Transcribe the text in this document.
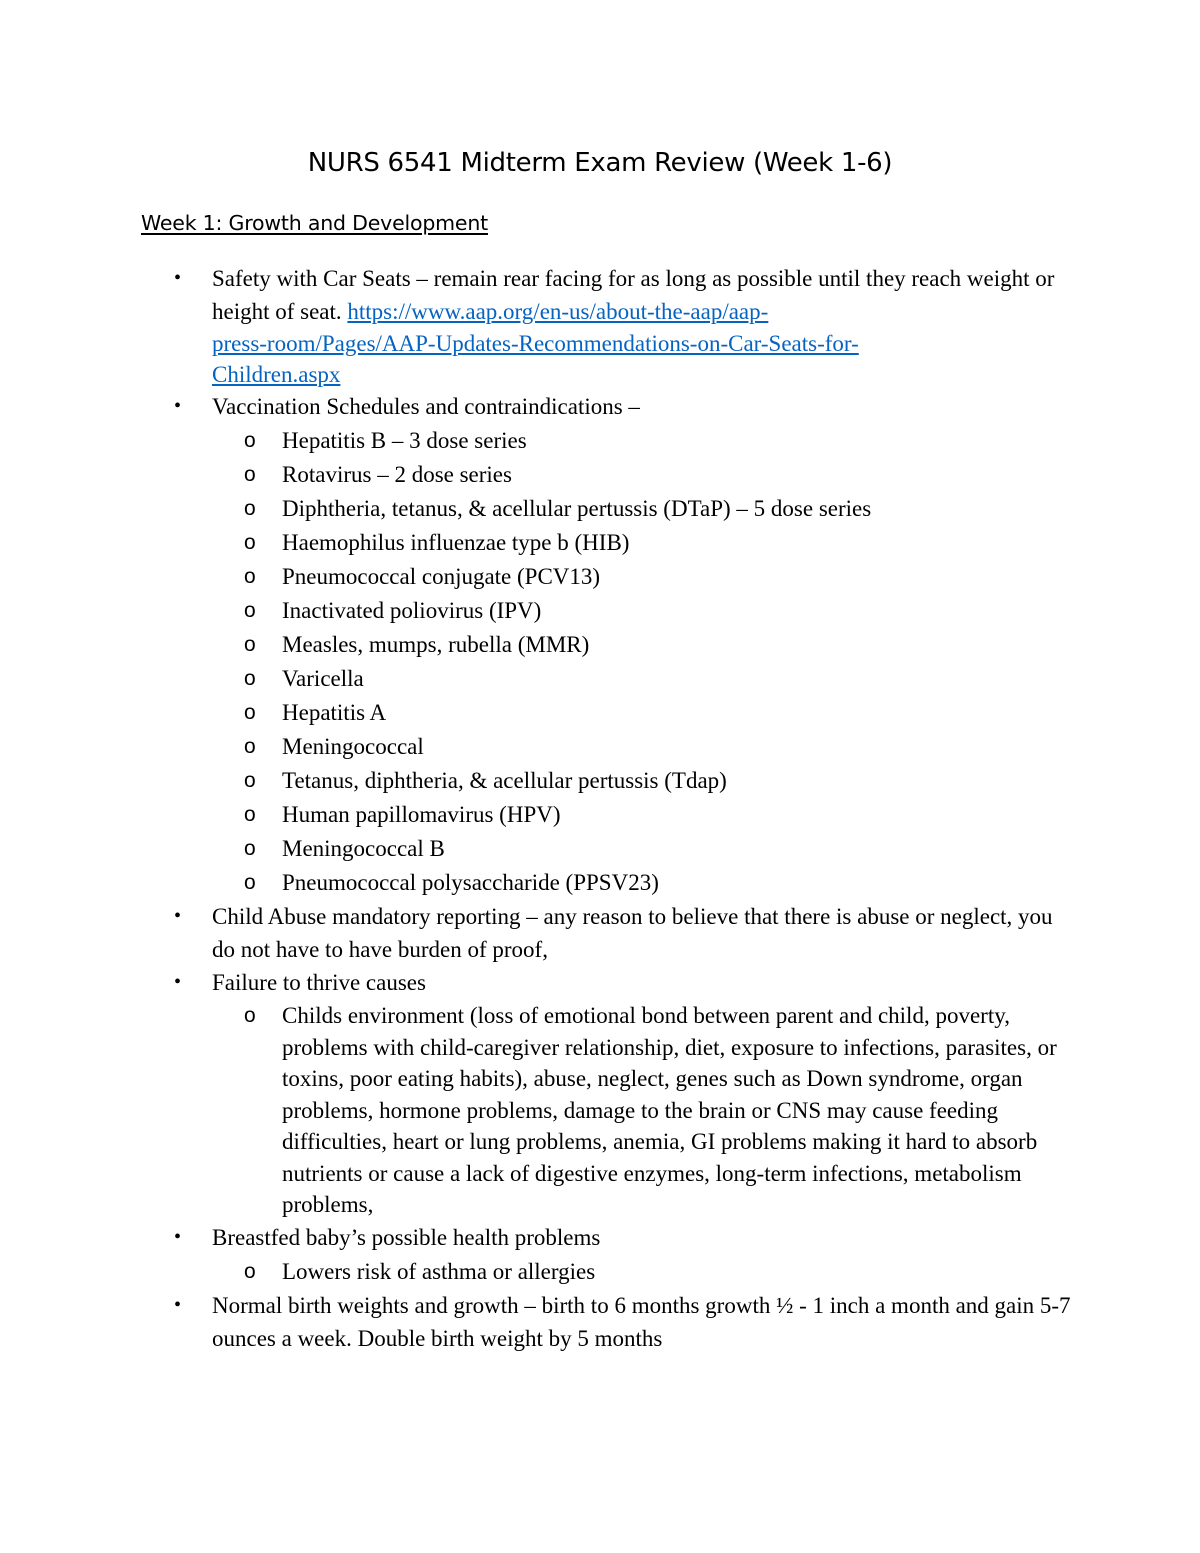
NURS 6541 Midterm Exam Review (Week 1-6)
Week 1: Growth and Development
• Safety with Car Seats – remain rear facing for as long as possible until they reach weight or height of seat. https://www.aap.org/en-us/about-the-aap/aap-
press-room/Pages/AAP-Updates-Recommendations-on-Car-Seats-for-
Children.aspx
• Vaccination Schedules and contraindications –
o Hepatitis B – 3 dose series
o Rotavirus – 2 dose series
o Diphtheria, tetanus, & acellular pertussis (DTaP) – 5 dose series
o Haemophilus influenzae type b (HIB)
o Pneumococcal conjugate (PCV13)
o Inactivated poliovirus (IPV)
o Measles, mumps, rubella (MMR)
o Varicella
o Hepatitis A
o Meningococcal
o Tetanus, diphtheria, & acellular pertussis (Tdap)
o Human papillomavirus (HPV)
o Meningococcal B
o Pneumococcal polysaccharide (PPSV23)
• Child Abuse mandatory reporting – any reason to believe that there is abuse or neglect, you do not have to have burden of proof,
• Failure to thrive causes
o Childs environment (loss of emotional bond between parent and child, poverty, problems with child-caregiver relationship, diet, exposure to infections, parasites, or toxins, poor eating habits), abuse, neglect, genes such as Down syndrome, organ problems, hormone problems, damage to the brain or CNS may cause feeding difficulties, heart or lung problems, anemia, GI problems making it hard to absorb nutrients or cause a lack of digestive enzymes, long-term infections, metabolism problems,
• Breastfed baby’s possible health problems
o Lowers risk of asthma or allergies
• Normal birth weights and growth – birth to 6 months growth ½ - 1 inch a month and gain 5-7 ounces a week. Double birth weight by 5 months
